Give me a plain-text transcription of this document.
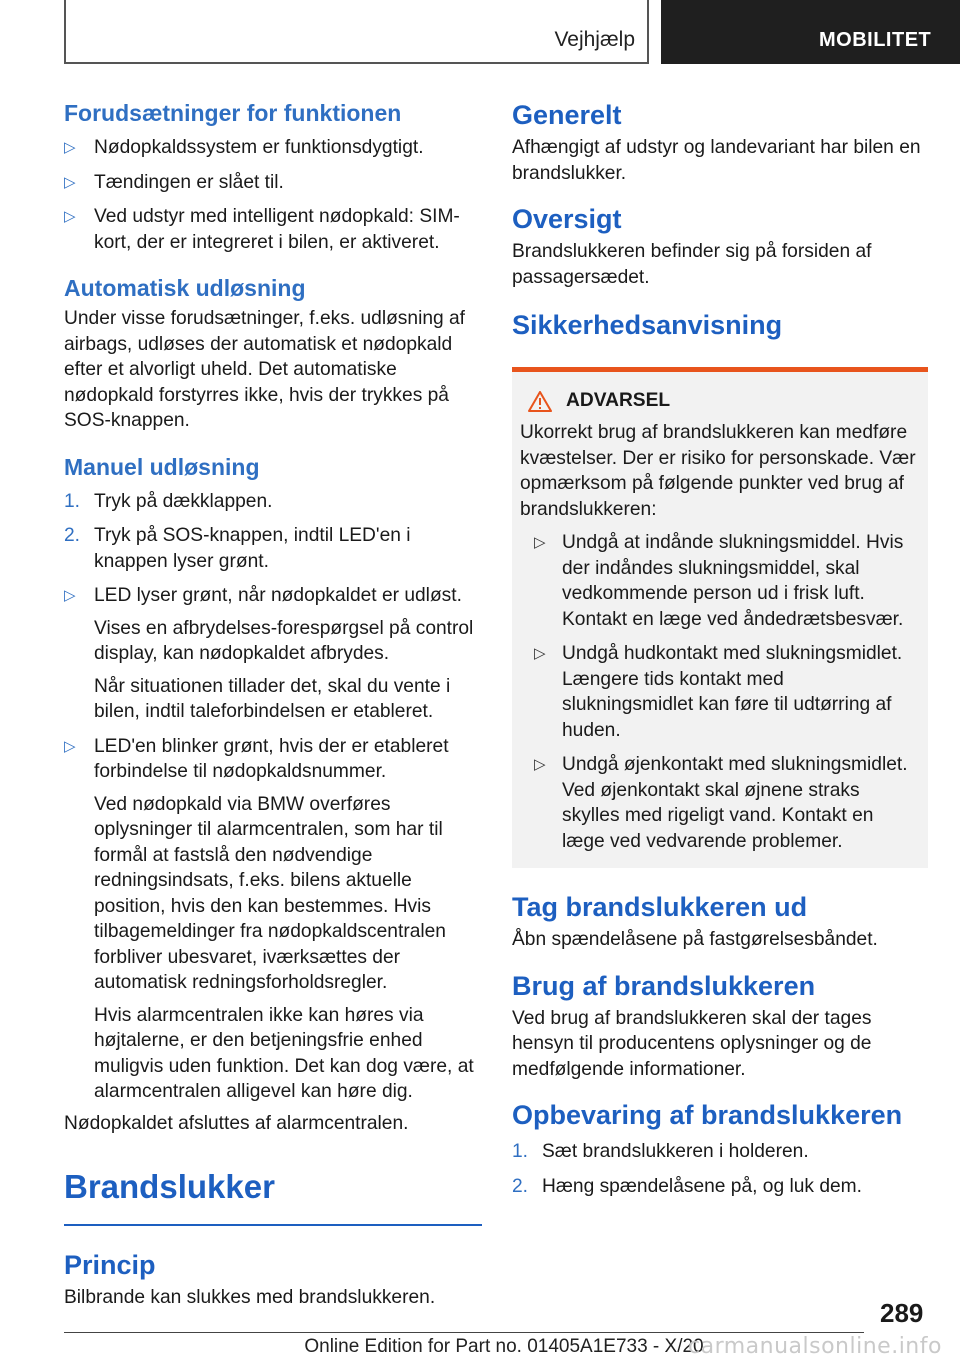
Vejhjælp	MOBILITET
Forudsætninger for funktionen
▷ Nødopkaldssystem er funktionsdygtigt.
▷ Tændingen er slået til.
▷ Ved udstyr med intelligent nødopkald: SIM-kort, der er integreret i bilen, er aktiveret.
Automatisk udløsning

Under visse forudsætninger, f.eks. udløsning af airbags, udløses der automatisk et nødopkald efter et alvorligt uheld. Det automatiske nødopkald forstyrres ikke, hvis der trykkes på SOS-knappen.

Manuel udløsning
1. Tryk på dækklappen.
2. Tryk på SOS-knappen, indtil LED'en i knappen lyser grønt.
▷ LED lyser grønt, når nødopkaldet er udløst.

Vises en afbrydelses-forespørgsel på control display, kan nødopkaldet afbrydes.

Når situationen tillader det, skal du vente i bilen, indtil taleforbindelsen er etableret.

▷ LED'en blinker grønt, hvis der er etableret forbindelse til nødopkaldsnummer.

Ved nødopkald via BMW overføres oplysninger til alarmcentralen, som har til formål at fastslå den nødvendige redningsindsats, f.eks. bilens aktuelle position, hvis den kan bestemmes. Hvis tilbagemeldinger fra nødopkaldscentralen forbliver ubesvaret, iværksættes der automatisk redningsforholdsregler.

Hvis alarmcentralen ikke kan høres via højtalerne, er den betjeningsfrie enhed muligvis uden funktion. Det kan dog være, at alarmcentralen alligevel kan høre dig.

Nødopkaldet afsluttes af alarmcentralen.

Brandslukker
Princip

Bilbrande kan slukkes med brandslukkeren.

Generelt

Afhængigt af udstyr og landevariant har bilen en brandslukker.

Oversigt

Brandslukkeren befinder sig på forsiden af passagersædet.

Sikkerhedsanvisning
ADVARSEL

Ukorrekt brug af brandslukkeren kan medføre kvæstelser. Der er risiko for personskade. Vær opmærksom på følgende punkter ved brug af brandslukkeren:

▷ Undgå at indånde slukningsmiddel. Hvis der indåndes slukningsmiddel, skal vedkommende person ud i frisk luft. Kontakt en læge ved åndedrætsbesvær.
▷ Undgå hudkontakt med slukningsmidlet. Længere tids kontakt med slukningsmidlet kan føre til udtørring af huden.
▷ Undgå øjenkontakt med slukningsmidlet. Ved øjenkontakt skal øjnene straks skylles med rigeligt vand. Kontakt en læge ved vedvarende problemer.
Tag brandslukkeren ud

Åbn spændelåsene på fastgørelsesbåndet.

Brug af brandslukkeren

Ved brug af brandslukkeren skal der tages hensyn til producentens oplysninger og de medfølgende informationer.

Opbevaring af brandslukkeren
1. Sæt brandslukkeren i holderen.
2. Hæng spændelåsene på, og luk dem.
289
Online Edition for Part no. 01405A1E733 - X/20
carmanualsonline.info
